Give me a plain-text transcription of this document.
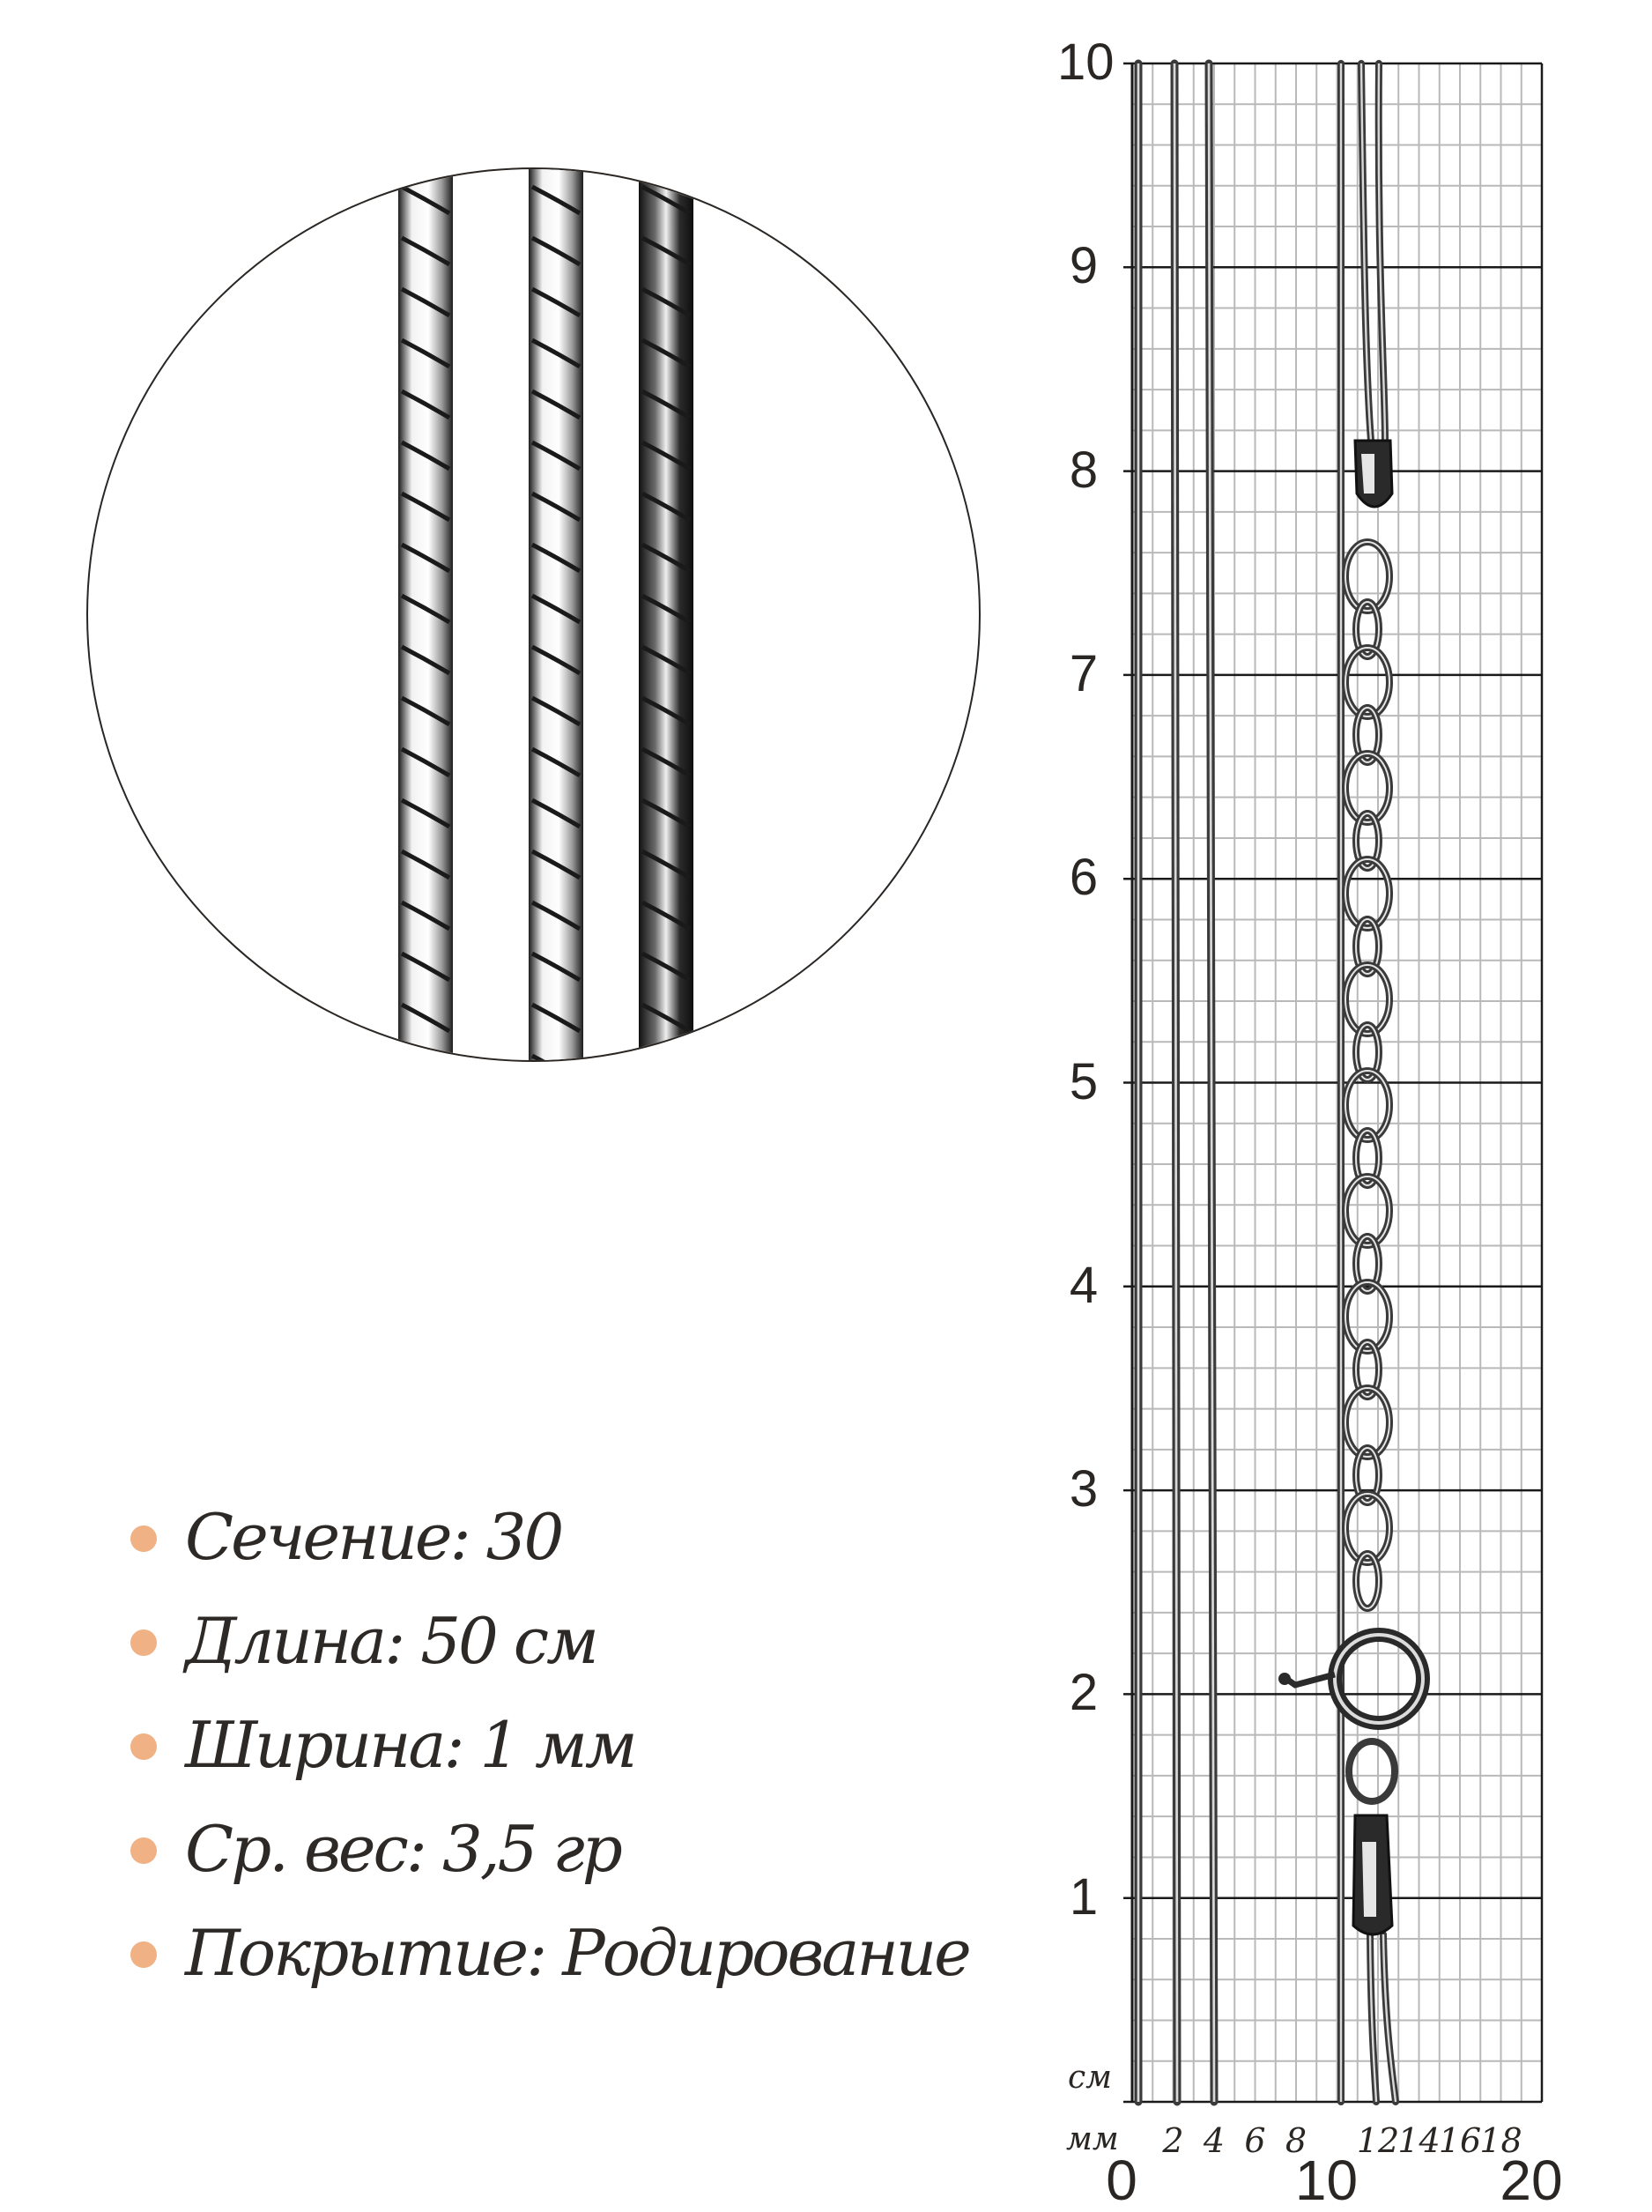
Сечение: 30
Длина: 50 см
Ширина: 1 мм
Ср. вес: 3,5 гр
Покрытие: Родирование
10
9
8
7
6
5
4
3
2
1
см
мм	2 4 6 8	12
14
16
18
0	10	20
